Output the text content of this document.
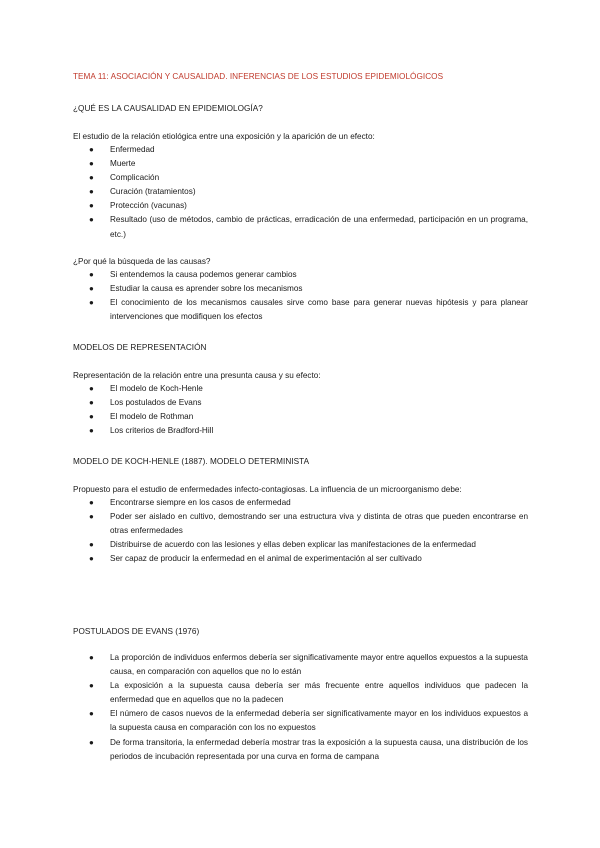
TEMA 11: ASOCIACIÓN Y CAUSALIDAD. INFERENCIAS DE LOS ESTUDIOS EPIDEMIOLÓGICOS
¿QUÉ ES LA CAUSALIDAD EN EPIDEMIOLOGÍA?
El estudio de la relación etiológica entre una exposición y la aparición de un efecto:
● Enfermedad
● Muerte
● Complicación
● Curación (tratamientos)
● Protección (vacunas)
● Resultado (uso de métodos, cambio de prácticas, erradicación de una enfermedad, participación en un programa, etc.)
¿Por qué la búsqueda de las causas?
● Si entendemos la causa podemos generar cambios
● Estudiar la causa es aprender sobre los mecanismos
● El conocimiento de los mecanismos causales sirve como base para generar nuevas hipótesis y para planear intervenciones que modifiquen los efectos
MODELOS DE REPRESENTACIÓN
Representación de la relación entre una presunta causa y su efecto:
● El modelo de Koch-Henle
● Los postulados de Evans
● El modelo de Rothman
● Los criterios de Bradford-Hill
MODELO DE KOCH-HENLE (1887). MODELO DETERMINISTA
Propuesto para el estudio de enfermedades infecto-contagiosas. La influencia de un microorganismo debe:
● Encontrarse siempre en los casos de enfermedad
● Poder ser aislado en cultivo, demostrando ser una estructura viva y distinta de otras que pueden encontrarse en otras enfermedades
● Distribuirse de acuerdo con las lesiones y ellas deben explicar las manifestaciones de la enfermedad
● Ser capaz de producir la enfermedad en el animal de experimentación al ser cultivado
POSTULADOS DE EVANS (1976)
● La proporción de individuos enfermos debería ser significativamente mayor entre aquellos expuestos a la supuesta causa, en comparación con aquellos que no lo están
● La exposición a la supuesta causa debería ser más frecuente entre aquellos individuos que padecen la enfermedad que en aquellos que no la padecen
● El número de casos nuevos de la enfermedad debería ser significativamente mayor en los individuos expuestos a la supuesta causa en comparación con los no expuestos
● De forma transitoria, la enfermedad debería mostrar tras la exposición a la supuesta causa, una distribución de los periodos de incubación representada por una curva en forma de campana
